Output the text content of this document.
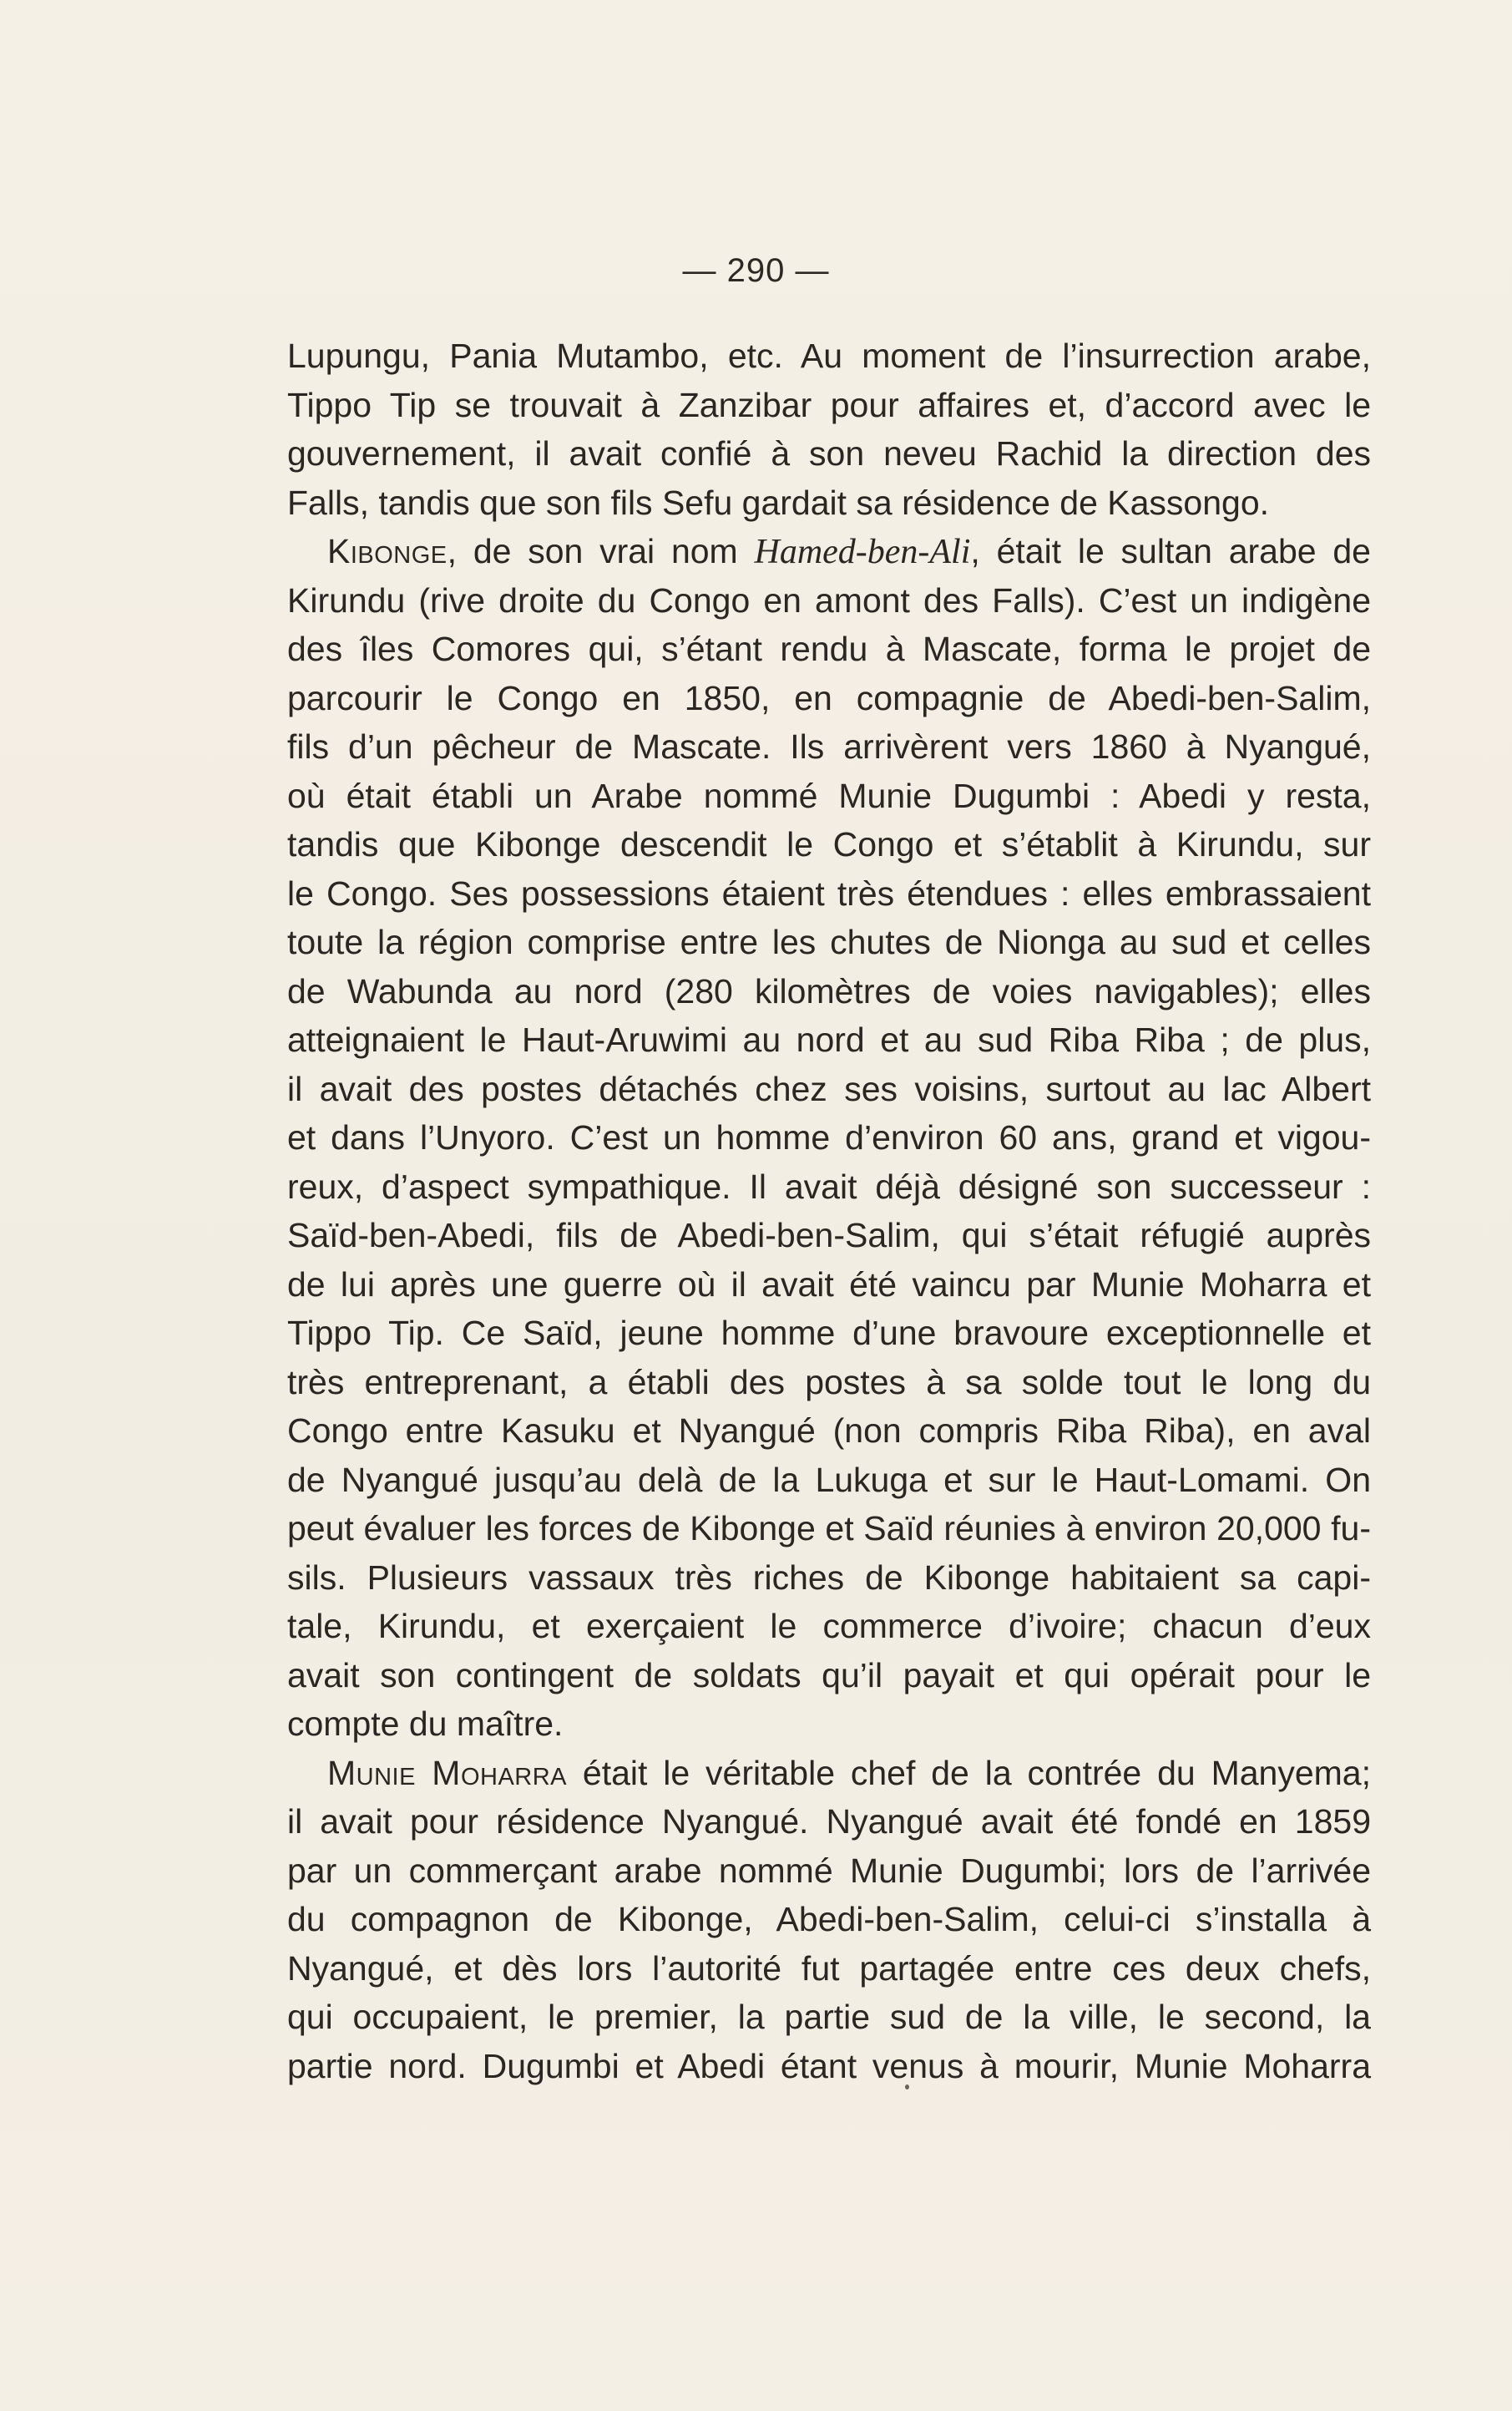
— 290 —
Lupungu, Pania Mutambo, etc. Au moment de l’insurrection arabe,
Tippo Tip se trouvait à Zanzibar pour affaires et, d’accord avec le
gouvernement, il avait confié à son neveu Rachid la direction des
Falls, tandis que son fils Sefu gardait sa résidence de Kassongo.
Kibonge, de son vrai nom Hamed-ben-Ali, était le sultan arabe de
Kirundu (rive droite du Congo en amont des Falls). C’est un indigène
des îles Comores qui, s’étant rendu à Mascate, forma le projet de
parcourir le Congo en 1850, en compagnie de Abedi-ben-Salim,
fils d’un pêcheur de Mascate. Ils arrivèrent vers 1860 à Nyangué,
où était établi un Arabe nommé Munie Dugumbi : Abedi y resta,
tandis que Kibonge descendit le Congo et s’établit à Kirundu, sur
le Congo. Ses possessions étaient très étendues : elles embrassaient
toute la région comprise entre les chutes de Nionga au sud et celles
de Wabunda au nord (280 kilomètres de voies navigables); elles
atteignaient le Haut-Aruwimi au nord et au sud Riba Riba ; de plus,
il avait des postes détachés chez ses voisins, surtout au lac Albert
et dans l’Unyoro. C’est un homme d’environ 60 ans, grand et vigou-
reux, d’aspect sympathique. Il avait déjà désigné son successeur :
Saïd-ben-Abedi, fils de Abedi-ben-Salim, qui s’était réfugié auprès
de lui après une guerre où il avait été vaincu par Munie Moharra et
Tippo Tip. Ce Saïd, jeune homme d’une bravoure exceptionnelle et
très entreprenant, a établi des postes à sa solde tout le long du
Congo entre Kasuku et Nyangué (non compris Riba Riba), en aval
de Nyangué jusqu’au delà de la Lukuga et sur le Haut-Lomami. On
peut évaluer les forces de Kibonge et Saïd réunies à environ 20,000 fu-
sils. Plusieurs vassaux très riches de Kibonge habitaient sa capi-
tale, Kirundu, et exerçaient le commerce d’ivoire; chacun d’eux
avait son contingent de soldats qu’il payait et qui opérait pour le
compte du maître.
Munie Moharra était le véritable chef de la contrée du Manyema;
il avait pour résidence Nyangué. Nyangué avait été fondé en 1859
par un commerçant arabe nommé Munie Dugumbi; lors de l’arrivée
du compagnon de Kibonge, Abedi-ben-Salim, celui-ci s’installa à
Nyangué, et dès lors l’autorité fut partagée entre ces deux chefs,
qui occupaient, le premier, la partie sud de la ville, le second, la
partie nord. Dugumbi et Abedi étant venus à mourir, Munie Moharra
